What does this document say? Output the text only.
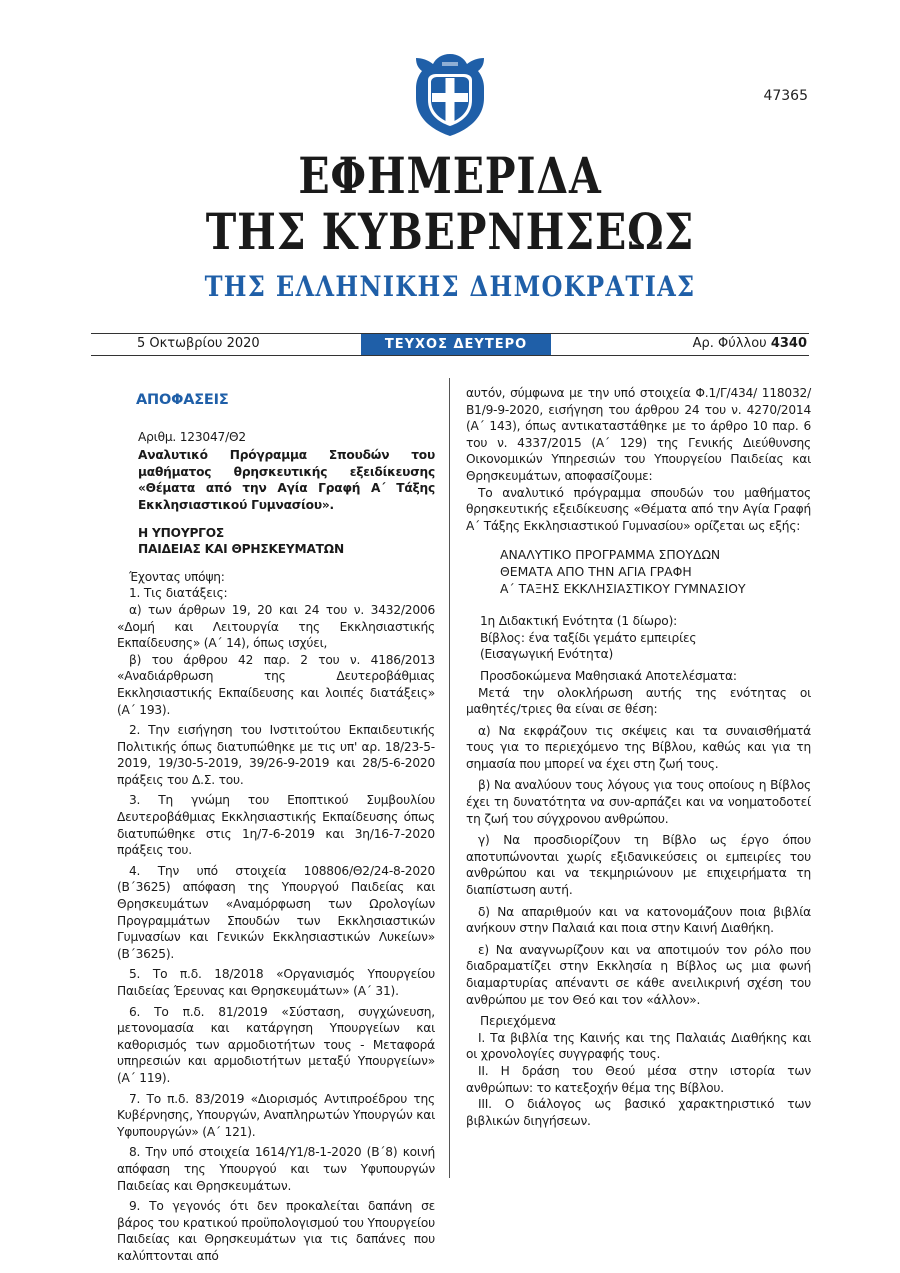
47365
ΕΦΗΜΕΡΙΔΑ
ΤΗΣ ΚΥΒΕΡΝΗΣΕΩΣ
ΤΗΣ ΕΛΛΗΝΙΚΗΣ ΔΗΜΟΚΡΑΤΙΑΣ
5 Οκτωβρίου 2020	ΤΕΥΧΟΣ ΔΕΥΤΕΡΟ	Αρ. Φύλλου 4340

ΑΠΟΦΑΣΕΙΣ

Αριθμ. 123047/Θ2

Αναλυτικό Πρόγραμμα Σπουδών του μαθήματος θρησκευτικής εξειδίκευσης «Θέματα από την Αγία Γραφή Α΄ Τάξης Εκκλησιαστικού Γυμνασίου».

Η ΥΠΟΥΡΓΟΣ
ΠΑΙΔΕΙΑΣ ΚΑΙ ΘΡΗΣΚΕΥΜΑΤΩΝ

Έχοντας υπόψη:

1. Τις διατάξεις:

α) των άρθρων 19, 20 και 24 του ν. 3432/2006 «Δομή και Λειτουργία της Εκκλησιαστικής Εκπαίδευσης» (Α΄ 14), όπως ισχύει,

β) του άρθρου 42 παρ. 2 του ν. 4186/2013 «Αναδιάρθρωση της Δευτεροβάθμιας Εκκλησιαστικής Εκπαίδευσης και λοιπές διατάξεις» (Α΄ 193).

2. Την εισήγηση του Ινστιτούτου Εκπαιδευτικής Πολιτικής όπως διατυπώθηκε με τις υπ' αρ. 18/23-5-2019, 19/30-5-2019, 39/26-9-2019 και 28/5-6-2020 πράξεις του Δ.Σ. του.

3. Τη γνώμη του Εποπτικού Συμβουλίου Δευτεροβάθμιας Εκκλησιαστικής Εκπαίδευσης όπως διατυπώθηκε στις 1η/7-6-2019 και 3η/16-7-2020 πράξεις του.

4. Την υπό στοιχεία 108806/Θ2/24-8-2020 (Β΄3625) απόφαση της Υπουργού Παιδείας και Θρησκευμάτων «Αναμόρφωση των Ωρολογίων Προγραμμάτων Σπουδών των Εκκλησιαστικών Γυμνασίων και Γενικών Εκκλησιαστικών Λυκείων» (Β΄3625).

5. Το π.δ. 18/2018 «Οργανισμός Υπουργείου Παιδείας Έρευνας και Θρησκευμάτων» (Α΄ 31).

6. Το π.δ. 81/2019 «Σύσταση, συγχώνευση, μετονομασία και κατάργηση Υπουργείων και καθορισμός των αρμοδιοτήτων τους - Μεταφορά υπηρεσιών και αρμοδιοτήτων μεταξύ Υπουργείων» (Α΄ 119).

7. Το π.δ. 83/2019 «Διορισμός Αντιπροέδρου της Κυβέρνησης, Υπουργών, Αναπληρωτών Υπουργών και Υφυπουργών» (Α΄ 121).

8. Την υπό στοιχεία 1614/Υ1/8-1-2020 (Β΄8) κοινή απόφαση της Υπουργού και των Υφυπουργών Παιδείας και Θρησκευμάτων.

9. Το γεγονός ότι δεν προκαλείται δαπάνη σε βάρος του κρατικού προϋπολογισμού του Υπουργείου Παιδείας και Θρησκευμάτων για τις δαπάνες που καλύπτονται από

αυτόν, σύμφωνα με την υπό στοιχεία Φ.1/Γ/434/ 118032/Β1/9-9-2020, εισήγηση του άρθρου 24 του ν. 4270/2014 (Α΄ 143), όπως αντικαταστάθηκε με το άρθρο 10 παρ. 6 του ν. 4337/2015 (Α΄ 129) της Γενικής Διεύθυνσης Οικονομικών Υπηρεσιών του Υπουργείου Παιδείας και Θρησκευμάτων, αποφασίζουμε:

Το αναλυτικό πρόγραμμα σπουδών του μαθήματος θρησκευτικής εξειδίκευσης «Θέματα από την Αγία Γραφή Α΄ Τάξης Εκκλησιαστικού Γυμνασίου» ορίζεται ως εξής:

ΑΝΑΛΥΤΙΚΟ ΠΡΟΓΡΑΜΜΑ ΣΠΟΥΔΩΝ
ΘΕΜΑΤΑ ΑΠΟ ΤΗΝ ΑΓΙΑ ΓΡΑΦΗ
Α΄ ΤΑΞΗΣ ΕΚΚΛΗΣΙΑΣΤΙΚΟΥ ΓΥΜΝΑΣΙΟΥ
1η Διδακτική Ενότητα (1 δίωρο):
Βίβλος: ένα ταξίδι γεμάτο εμπειρίες
(Εισαγωγική Ενότητα)

Προσδοκώμενα Μαθησιακά Αποτελέσματα:

Μετά την ολοκλήρωση αυτής της ενότητας οι μαθητές/τριες θα είναι σε θέση:

α) Να εκφράζουν τις σκέψεις και τα συναισθήματά τους για το περιεχόμενο της Βίβλου, καθώς και για τη σημασία που μπορεί να έχει στη ζωή τους.

β) Να αναλύουν τους λόγους για τους οποίους η Βίβλος έχει τη δυνατότητα να συν-αρπάζει και να νοηματοδοτεί τη ζωή του σύγχρονου ανθρώπου.

γ) Να προσδιορίζουν τη Βίβλο ως έργο όπου αποτυπώνονται χωρίς εξιδανικεύσεις οι εμπειρίες του ανθρώπου και να τεκμηριώνουν με επιχειρήματα τη διαπίστωση αυτή.

δ) Να απαριθμούν και να κατονομάζουν ποια βιβλία ανήκουν στην Παλαιά και ποια στην Καινή Διαθήκη.

ε) Να αναγνωρίζουν και να αποτιμούν τον ρόλο που διαδραματίζει στην Εκκλησία η Βίβλος ως μια φωνή διαμαρτυρίας απέναντι σε κάθε ανειλικρινή σχέση του ανθρώπου με τον Θεό και τον «άλλον».

Περιεχόμενα

Ι. Τα βιβλία της Καινής και της Παλαιάς Διαθήκης και οι χρονολογίες συγγραφής τους.

ΙΙ. Η δράση του Θεού μέσα στην ιστορία των ανθρώπων: το κατεξοχήν θέμα της Βίβλου.

ΙΙΙ. Ο διάλογος ως βασικό χαρακτηριστικό των βιβλικών διηγήσεων.
